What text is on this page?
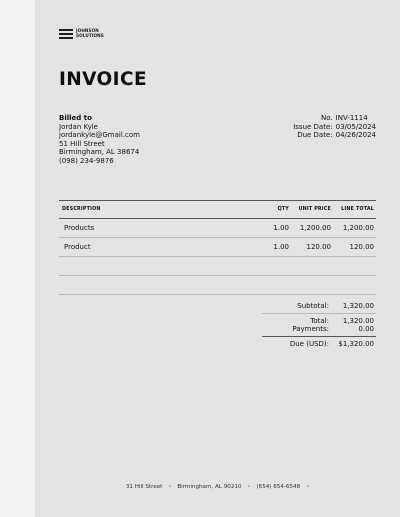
JOHNSON
SOLUTIONS
INVOICE
Billed to
Jordan Kyle
jordankyle@Gmail.com
51 Hill Street
Birmingham, AL 38674
(098) 234-9876
No. INV-1114
Issue Date: 03/05/2024
Due Date: 04/26/2024
DESCRIPTION	QTY	UNIT PRICE	LINE TOTAL
Products	1.00	1,200.00	1,200.00
Product	1.00	120.00	120.00
Subtotal:	1,320.00
Total:	1,320.00
Payments:	0.00
Due (USD):	$1,320.00
31 Hill Street • Birmingham, AL 90210 • (654) 654-6548 •
